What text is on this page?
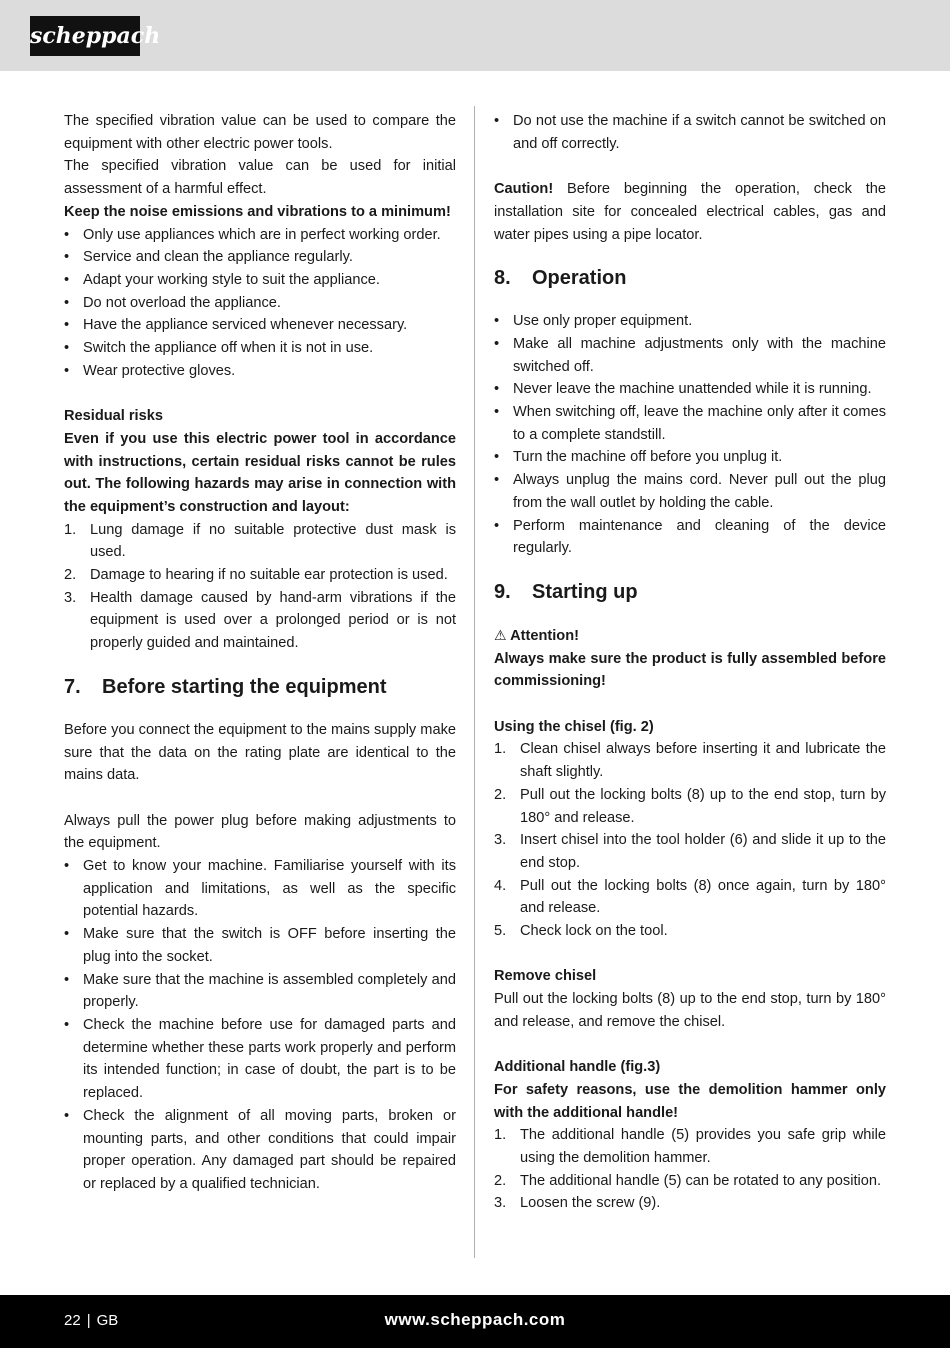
scheppach

The specified vibration value can be used to compare the equipment with other electric power tools.

The specified vibration value can be used for initial assessment of a harmful effect.

Keep the noise emissions and vibrations to a minimum!

• Only use appliances which are in perfect working order.
• Service and clean the appliance regularly.
• Adapt your working style to suit the appliance.
• Do not overload the appliance.
• Have the appliance serviced whenever necessary.
• Switch the appliance off when it is not in use.
• Wear protective gloves.

Residual risks

Even if you use this electric power tool in accordance with instructions, certain residual risks cannot be rules out. The following hazards may arise in connection with the equipment’s construction and layout:

1. Lung damage if no suitable protective dust mask is used.
2. Damage to hearing if no suitable ear protection is used.
3. Health damage caused by hand-arm vibrations if the equipment is used over a prolonged period or is not properly guided and maintained.
7. Before starting the equipment

Before you connect the equipment to the mains supply make sure that the data on the rating plate are identical to the mains data.

Always pull the power plug before making adjustments to the equipment.

• Get to know your machine. Familiarise yourself with its application and limitations, as well as the specific potential hazards.
• Make sure that the switch is OFF before inserting the plug into the socket.
• Make sure that the machine is assembled completely and properly.
• Check the machine before use for damaged parts and determine whether these parts work properly and perform its intended function; in case of doubt, the part is to be replaced.
• Check the alignment of all moving parts, broken or mounting parts, and other conditions that could impair proper operation. Any damaged part should be repaired or replaced by a qualified technician.
• Do not use the machine if a switch cannot be switched on and off correctly.

Caution! Before beginning the operation, check the installation site for concealed electrical cables, gas and water pipes using a pipe locator.

8. Operation
• Use only proper equipment.
• Make all machine adjustments only with the machine switched off.
• Never leave the machine unattended while it is running.
• When switching off, leave the machine only after it comes to a complete standstill.
• Turn the machine off before you unplug it.
• Always unplug the mains cord. Never pull out the plug from the wall outlet by holding the cable.
• Perform maintenance and cleaning of the device regularly.
9. Starting up

⚠ Attention!

Always make sure the product is fully assembled before commissioning!

Using the chisel (fig. 2)

1. Clean chisel always before inserting it and lubricate the shaft slightly.
2. Pull out the locking bolts (8) up to the end stop, turn by 180° and release.
3. Insert chisel into the tool holder (6) and slide it up to the end stop.
4. Pull out the locking bolts (8) once again, turn by 180° and release.
5. Check lock on the tool.

Remove chisel

Pull out the locking bolts (8) up to the end stop, turn by 180° and release, and remove the chisel.

Additional handle (fig.3)

For safety reasons, use the demolition hammer only with the additional handle!

1. The additional handle (5) provides you safe grip while using the demolition hammer.
2. The additional handle (5) can be rotated to any position.
3. Loosen the screw (9).
22 | GB	www.scheppach.com
